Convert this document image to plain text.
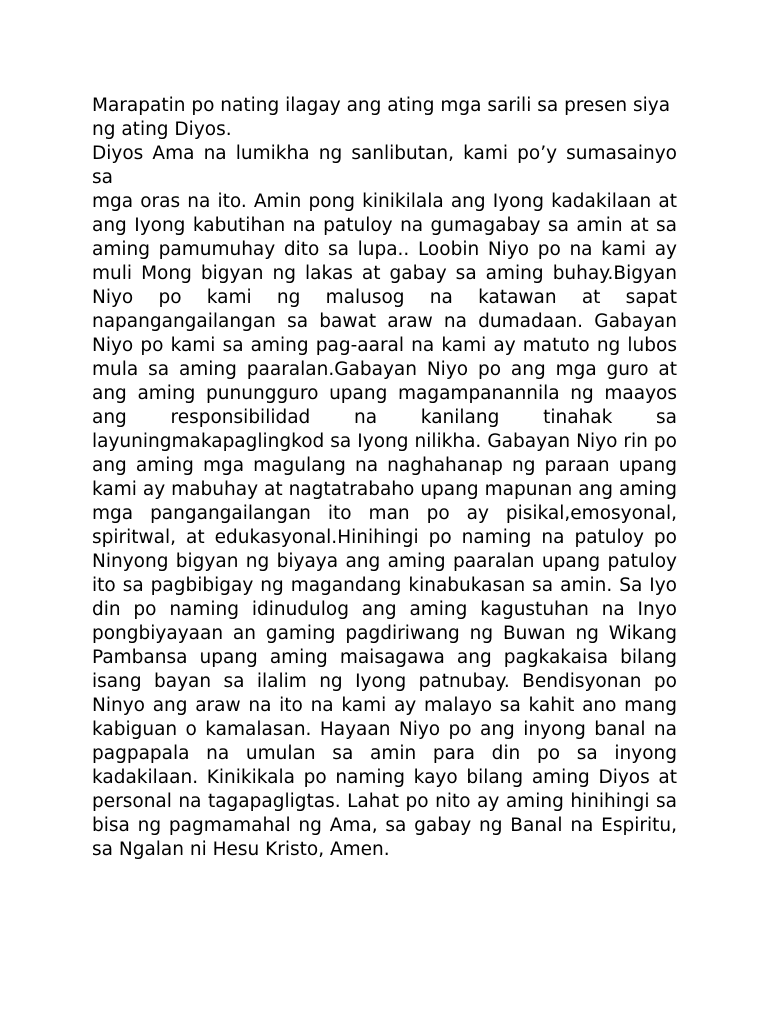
Marapatin po nating ilagay ang ating mga sarili sa presen siya ng ating Diyos.

Diyos Ama na lumikha ng sanlibutan, kami po’y sumasainyo sa

mga oras na ito. Amin pong kinikilala ang Iyong kadakilaan at ang Iyong kabutihan na patuloy na gumagabay sa amin at sa aming pamumuhay dito sa lupa.. Loobin Niyo po na kami ay muli Mong bigyan ng lakas at gabay sa aming buhay.Bigyan Niyo po kami ng malusog na katawan at sapat napangangailangan sa bawat araw na dumadaan. Gabayan Niyo po kami sa aming pag-aaral na kami ay matuto ng lubos mula sa aming paaralan.Gabayan Niyo po ang mga guro at ang aming punungguro upang magampanannila ng maayos ang responsibilidad na kanilang tinahak sa layuningmakapaglingkod sa Iyong nilikha. Gabayan Niyo rin po ang aming mga magulang na naghahanap ng paraan upang kami ay mabuhay at nagtatrabaho upang mapunan ang aming mga pangangailangan ito man po ay pisikal,emosyonal, spiritwal, at edukasyonal.Hinihingi po naming na patuloy po Ninyong bigyan ng biyaya ang aming paaralan upang patuloy ito sa pagbibigay ng magandang kinabukasan sa amin. Sa Iyo din po naming idinudulog ang aming kagustuhan na Inyo pongbiyayaan an gaming pagdiriwang ng Buwan ng Wikang Pambansa upang aming maisagawa ang pagkakaisa bilang isang bayan sa ilalim ng Iyong patnubay. Bendisyonan po Ninyo ang araw na ito na kami ay malayo sa kahit ano mang kabiguan o kamalasan. Hayaan Niyo po ang inyong banal na pagpapala na umulan sa amin para din po sa inyong kadakilaan. Kinikikala po naming kayo bilang aming Diyos at personal na tagapagligtas. Lahat po nito ay aming hinihingi sa bisa ng pagmamahal ng Ama, sa gabay ng Banal na Espiritu, sa Ngalan ni Hesu Kristo, Amen.
